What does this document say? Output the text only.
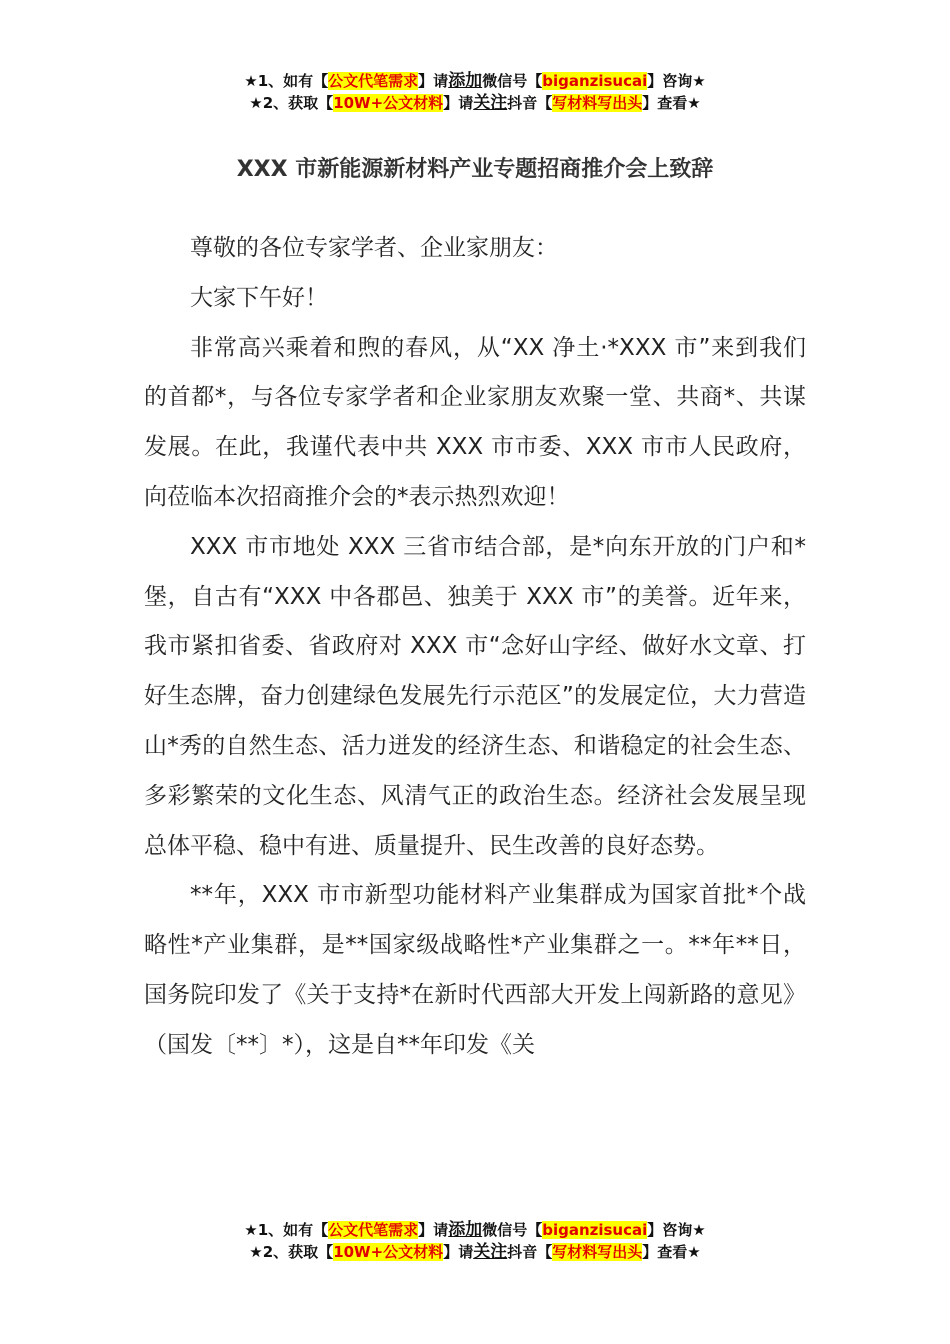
★1、如有【公文代笔需求】请添加微信号【biganzisucai】咨询★
★2、获取【10W+公文材料】请关注抖音【写材料写出头】查看★
XXX 市新能源新材料产业专题招商推介会上致辞

尊敬的各位专家学者、企业家朋友：

大家下午好！

非常高兴乘着和煦的春风，从“XX 净土·*XXX 市”来到我们的首都*，与各位专家学者和企业家朋友欢聚一堂、共商*、共谋发展。在此，我谨代表中共 XXX 市市委、XXX 市市人民政府，向莅临本次招商推介会的*表示热烈欢迎！

XXX 市市地处 XXX 三省市结合部，是*向东开放的门户和*堡，自古有“XXX 中各郡邑、独美于 XXX 市”的美誉。近年来，我市紧扣省委、省政府对 XXX 市“念好山字经、做好水文章、打好生态牌，奋力创建绿色发展先行示范区”的发展定位，大力营造山*秀的自然生态、活力迸发的经济生态、和谐稳定的社会生态、多彩繁荣的文化生态、风清气正的政治生态。经济社会发展呈现总体平稳、稳中有进、质量提升、民生改善的良好态势。

**年，XXX 市市新型功能材料产业集群成为国家首批*个战略性*产业集群，是**国家级战略性*产业集群之一。**年**日，国务院印发了《关于支持*在新时代西部大开发上闯新路的意见》（国发〔**〕*），这是自**年印发《关

★1、如有【公文代笔需求】请添加微信号【biganzisucai】咨询★
★2、获取【10W+公文材料】请关注抖音【写材料写出头】查看★
